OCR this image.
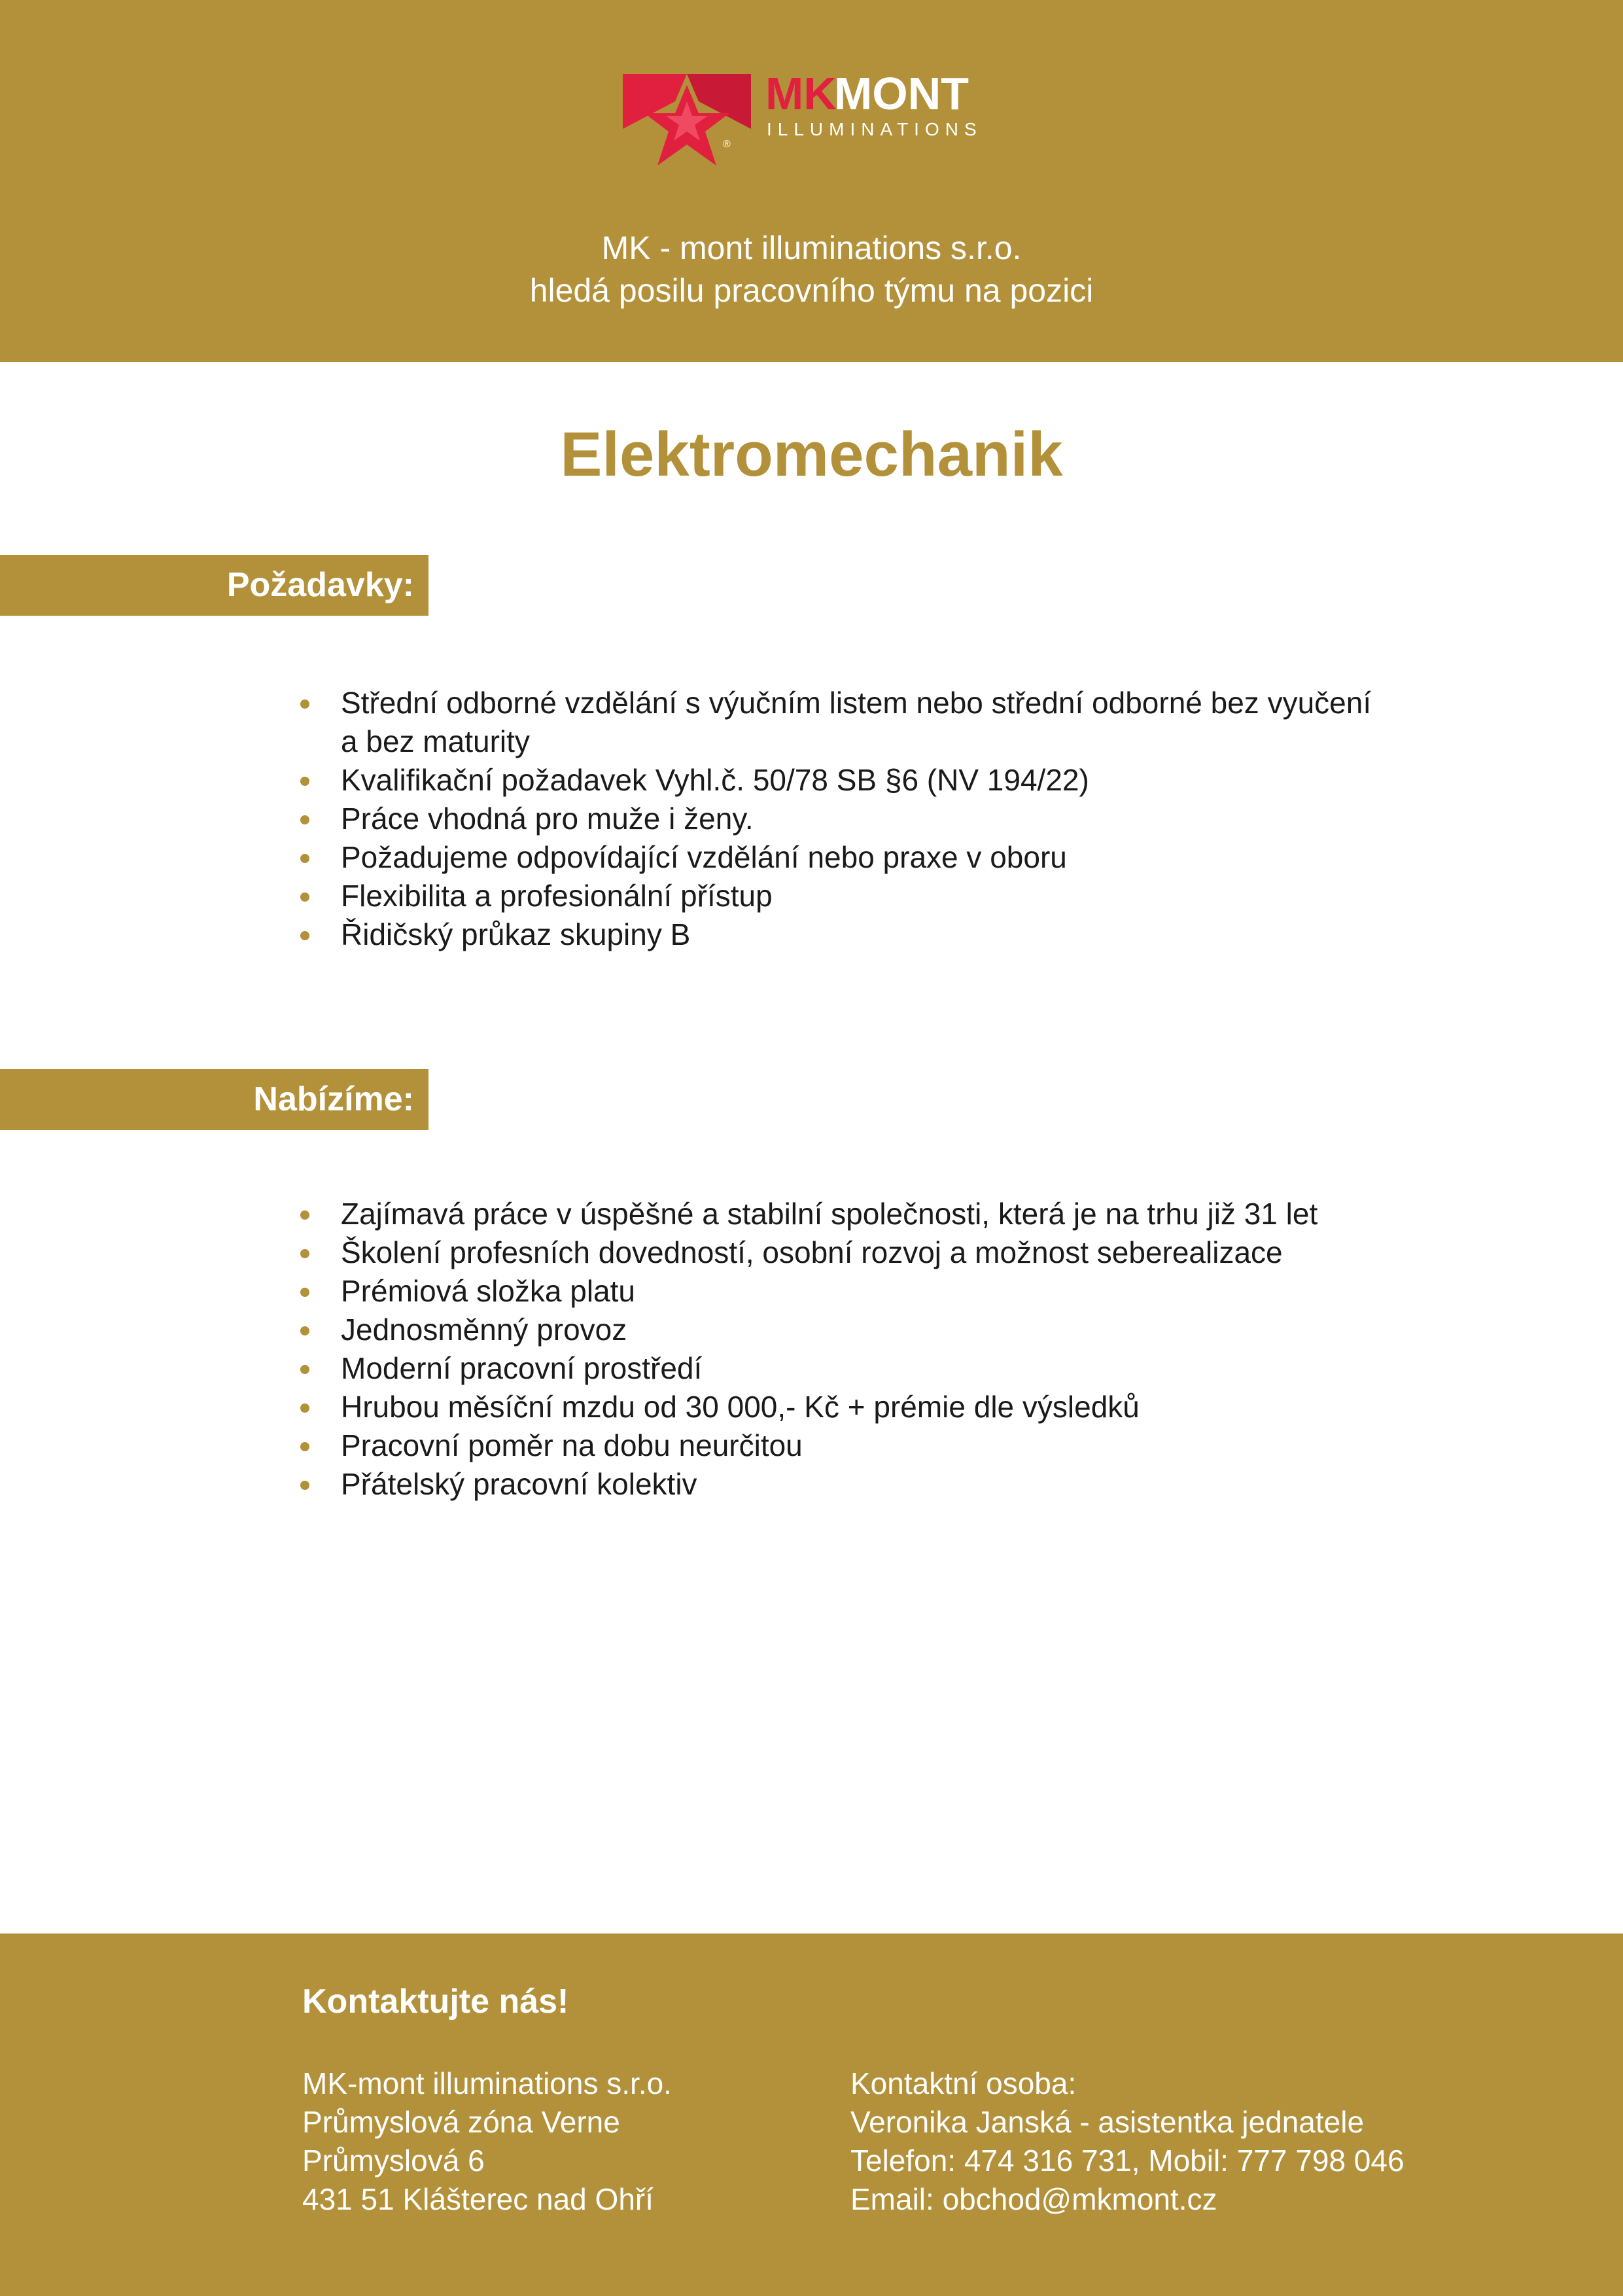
MK
MONT
ILLUMINATIONS
®
MK - mont illuminations s.r.o.
hledá posilu pracovního týmu na pozici
Elektromechanik
Požadavky:
Střední odborné vzdělání s výučním listem nebo střední odborné bez vyučení
a bez maturity
Kvalifikační požadavek Vyhl.č. 50/78 SB §6 (NV 194/22)
Práce vhodná pro muže i ženy.
Požadujeme odpovídající vzdělání nebo praxe v oboru
Flexibilita a profesionální přístup
Řidičský průkaz skupiny B
Nabízíme:
Zajímavá práce v úspěšné a stabilní společnosti, která je na trhu již 31 let
Školení profesních dovedností, osobní rozvoj a možnost seberealizace
Prémiová složka platu
Jednosměnný provoz
Moderní pracovní prostředí
Hrubou měsíční mzdu od 30 000,- Kč + prémie dle výsledků
Pracovní poměr na dobu neurčitou
Přátelský pracovní kolektiv
Kontaktujte nás!
MK-mont illuminations s.r.o.
Průmyslová zóna Verne
Průmyslová 6
431 51 Klášterec nad Ohří
Kontaktní osoba:
Veronika Janská - asistentka jednatele
Telefon: 474 316 731, Mobil: 777 798 046
Email: obchod@mkmont.cz
